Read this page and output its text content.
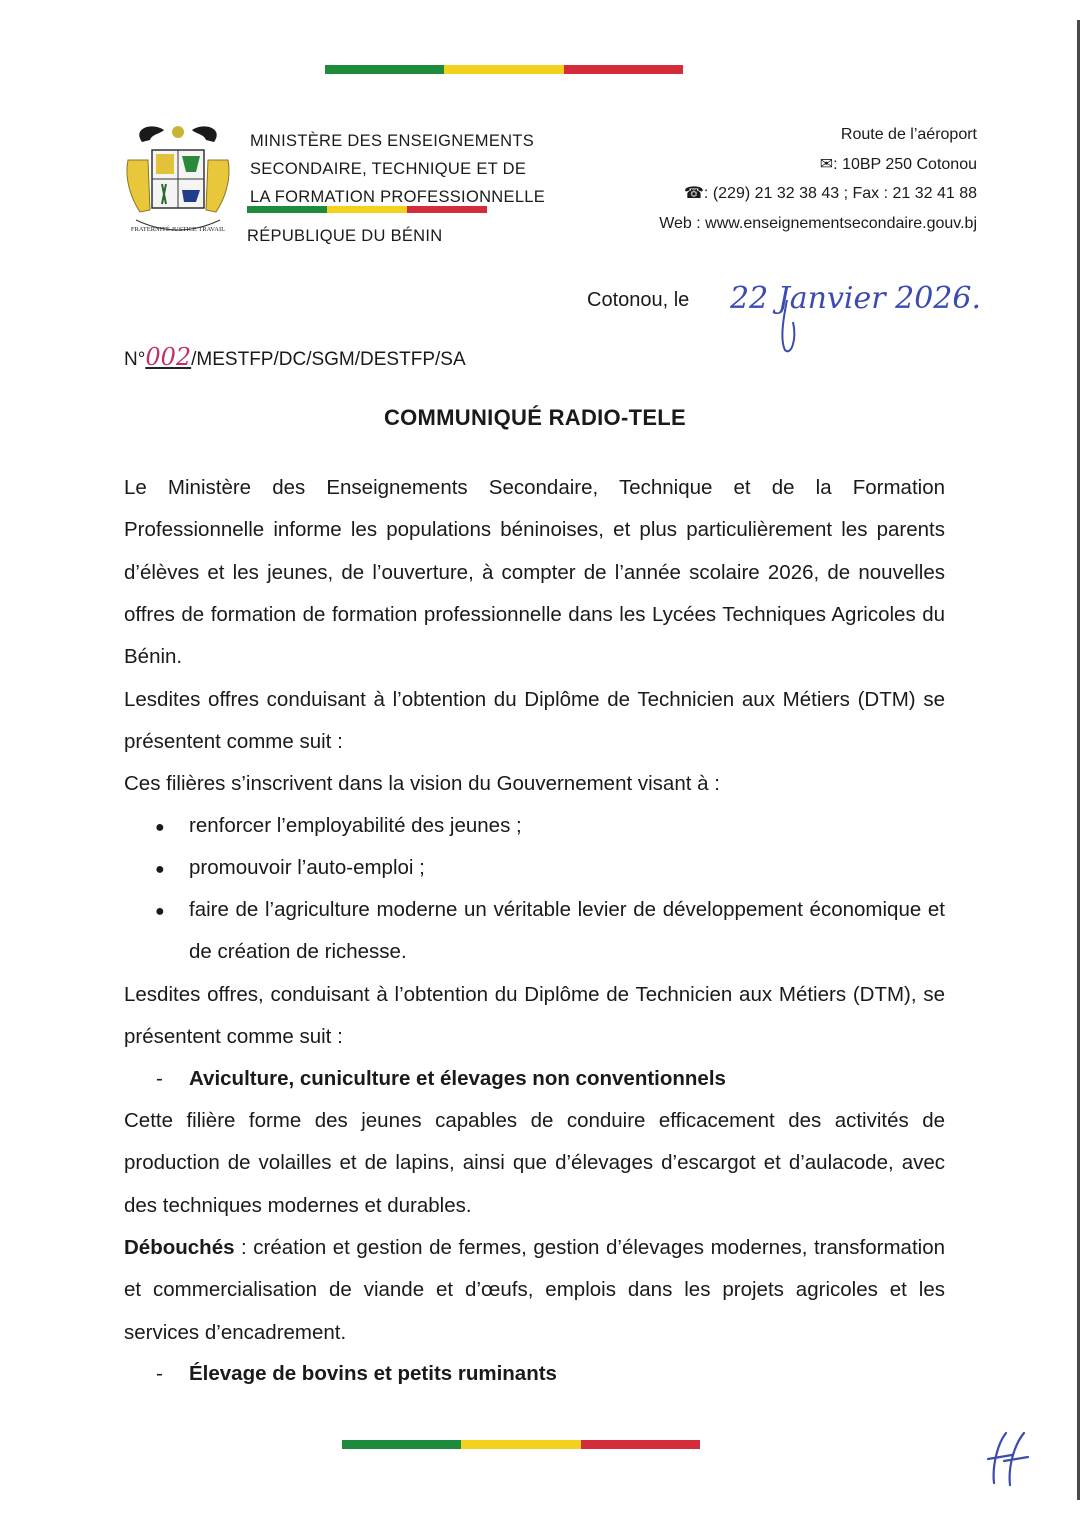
FRATERNITÉ JUSTICE TRAVAIL
MINISTÈRE DES ENSEIGNEMENTS
SECONDAIRE, TECHNIQUE ET DE
LA FORMATION PROFESSIONNELLE
RÉPUBLIQUE DU BÉNIN
Route de l’aéroport
✉: 10BP 250 Cotonou
☎: (229) 21 32 38 43 ; Fax : 21 32 41 88
Web : www.enseignementsecondaire.gouv.bj
Cotonou, le 22 Janvier 2026.
N°002/MESTFP/DC/SGM/DESTFP/SA
COMMUNIQUÉ RADIO-TELE
Le Ministère des Enseignements Secondaire, Technique et de la Formation Professionnelle informe les populations béninoises, et plus particulièrement les parents d’élèves et les jeunes, de l’ouverture, à compter de l’année scolaire 2026, de nouvelles offres de formation de formation professionnelle dans les Lycées Techniques Agricoles du Bénin.
Lesdites offres conduisant à l’obtention du Diplôme de Technicien aux Métiers (DTM) se présentent comme suit :
Ces filières s’inscrivent dans la vision du Gouvernement visant à :
● renforcer l’employabilité des jeunes ;
● promouvoir l’auto-emploi ;
● faire de l’agriculture moderne un véritable levier de développement économique et de création de richesse.
Lesdites offres, conduisant à l’obtention du Diplôme de Technicien aux Métiers (DTM), se présentent comme suit :
- Aviculture, cuniculture et élevages non conventionnels
Cette filière forme des jeunes capables de conduire efficacement des activités de production de volailles et de lapins, ainsi que d’élevages d’escargot et d’aulacode, avec des techniques modernes et durables.
Débouchés : création et gestion de fermes, gestion d’élevages modernes, transformation et commercialisation de viande et d’œufs, emplois dans les projets agricoles et les services d’encadrement.
- Élevage de bovins et petits ruminants
